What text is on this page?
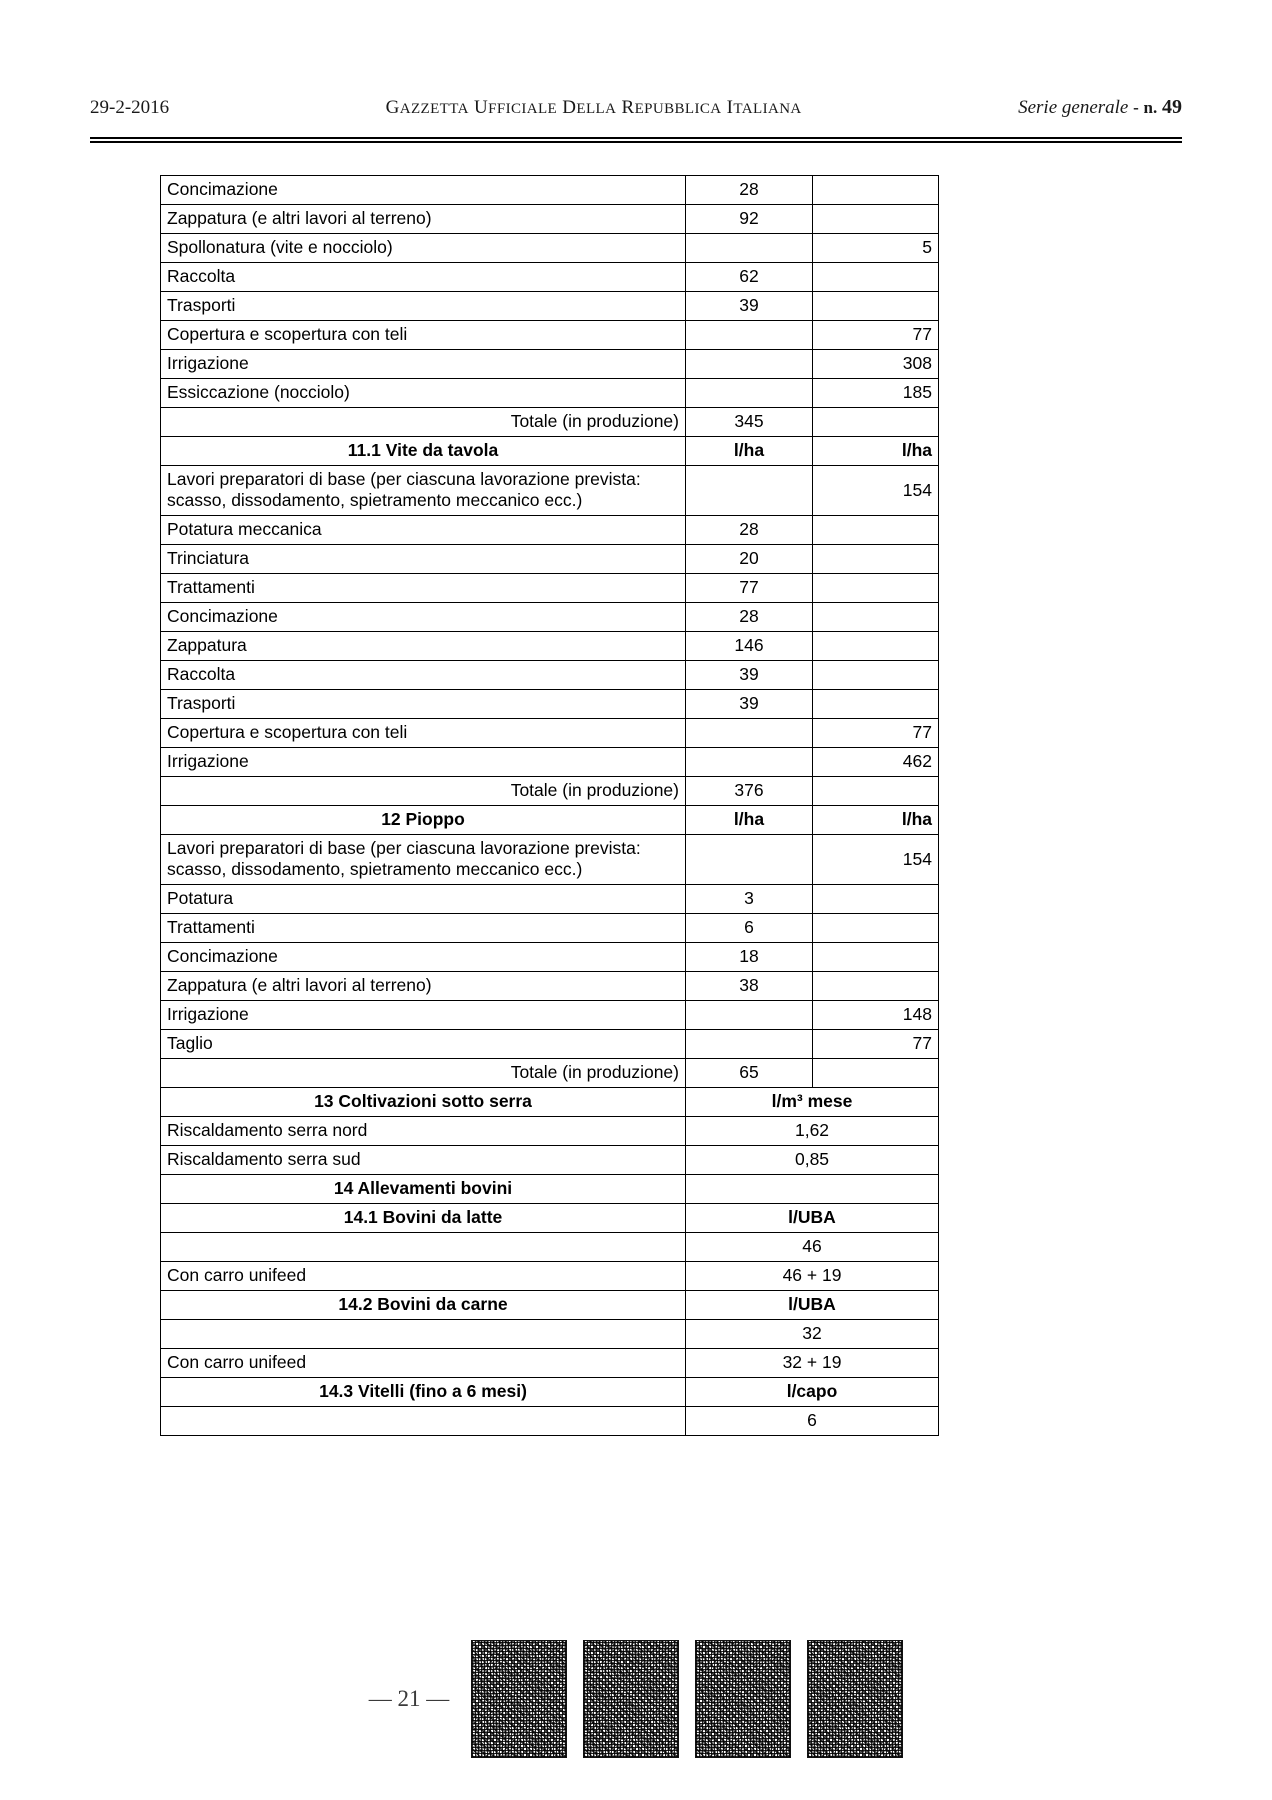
29-2-2016	GAZZETTA UFFICIALE DELLA REPUBBLICA ITALIANA	Serie generale - n. 49
Concimazione	28	
Zappatura (e altri lavori al terreno)	92	
Spollonatura (vite e nocciolo)		5
Raccolta	62	
Trasporti	39	
Copertura e scopertura con teli		77
Irrigazione		308
Essiccazione (nocciolo)		185
Totale (in produzione)	345	
11.1 Vite da tavola	l/ha	l/ha
Lavori preparatori di base (per ciascuna lavorazione prevista: scasso, dissodamento, spietramento meccanico ecc.)		154
Potatura meccanica	28	
Trinciatura	20	
Trattamenti	77	
Concimazione	28	
Zappatura	146	
Raccolta	39	
Trasporti	39	
Copertura e scopertura con teli		77
Irrigazione		462
Totale (in produzione)	376	
12 Pioppo	l/ha	l/ha
Lavori preparatori di base (per ciascuna lavorazione prevista: scasso, dissodamento, spietramento meccanico ecc.)		154
Potatura	3	
Trattamenti	6	
Concimazione	18	
Zappatura (e altri lavori al terreno)	38	
Irrigazione		148
Taglio		77
Totale (in produzione)	65	
13 Coltivazioni sotto serra	l/m³ mese	
Riscaldamento serra nord	1,62	
Riscaldamento serra sud	0,85	
14 Allevamenti bovini		
14.1 Bovini da latte	l/UBA	
	46	
Con carro unifeed	46 + 19	
14.2 Bovini da carne	l/UBA	
	32	
Con carro unifeed	32 + 19	
14.3 Vitelli (fino a 6 mesi)	l/capo	
	6	
— 21 —
